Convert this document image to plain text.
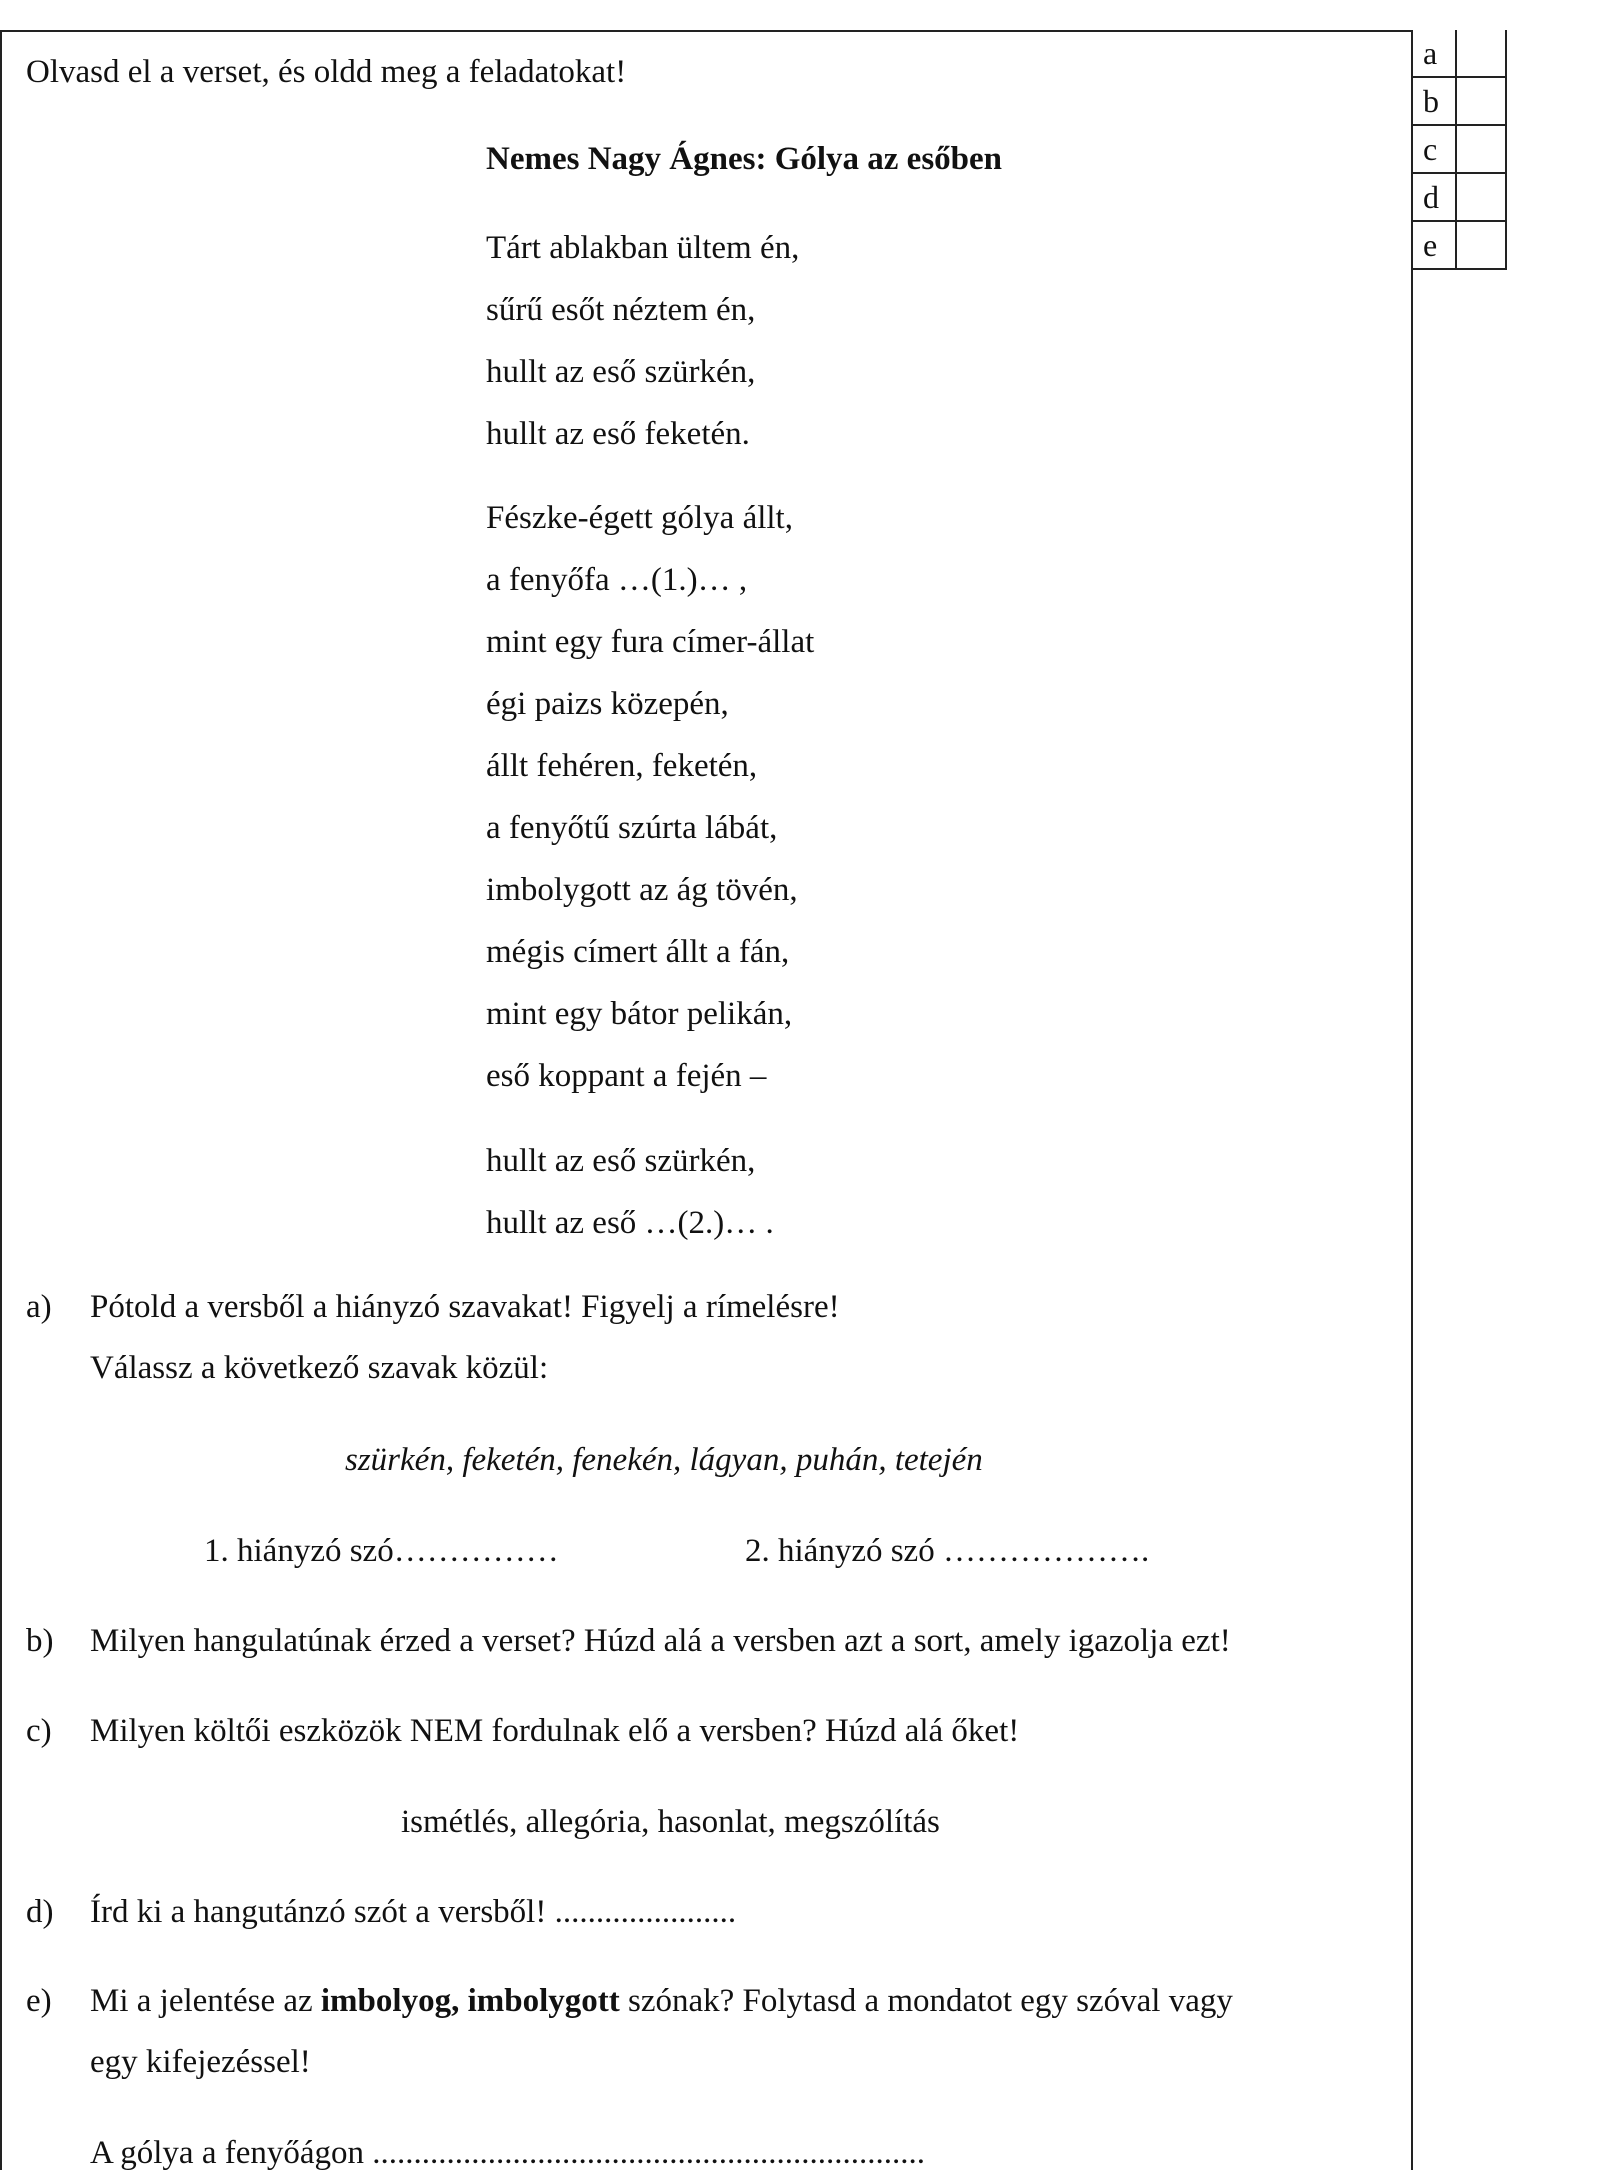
a	
b	
c	
d	
e	
Olvasd el a verset, és oldd meg a feladatokat!
Nemes Nagy Ágnes: Gólya az esőben
Tárt ablakban ültem én,
sűrű esőt néztem én,
hullt az eső szürkén,
hullt az eső feketén.
Fészke-égett gólya állt,
a fenyőfa …(1.)… ,
mint egy fura címer-állat
égi paizs közepén,
állt fehéren, feketén,
a fenyőtű szúrta lábát,
imbolygott az ág tövén,
mégis címert állt a fán,
mint egy bátor pelikán,
eső koppant a fején –
hullt az eső szürkén,
hullt az eső …(2.)… .
a) Pótold a versből a hiányzó szavakat! Figyelj a rímelésre!
Válassz a következő szavak közül:
szürkén, feketén, fenekén, lágyan, puhán, tetején
1. hiányzó szó……………	2. hiányzó szó ……………….
b) Milyen hangulatúnak érzed a verset? Húzd alá a versben azt a sort, amely igazolja ezt!
c) Milyen költői eszközök NEM fordulnak elő a versben? Húzd alá őket!
ismétlés, allegória, hasonlat, megszólítás
d) Írd ki a hangutánzó szót a versből! ......................
e) Mi a jelentése az imbolyog, imbolygott szónak? Folytasd a mondatot egy szóval vagy
egy kifejezéssel!
A gólya a fenyőágon ...................................................................
